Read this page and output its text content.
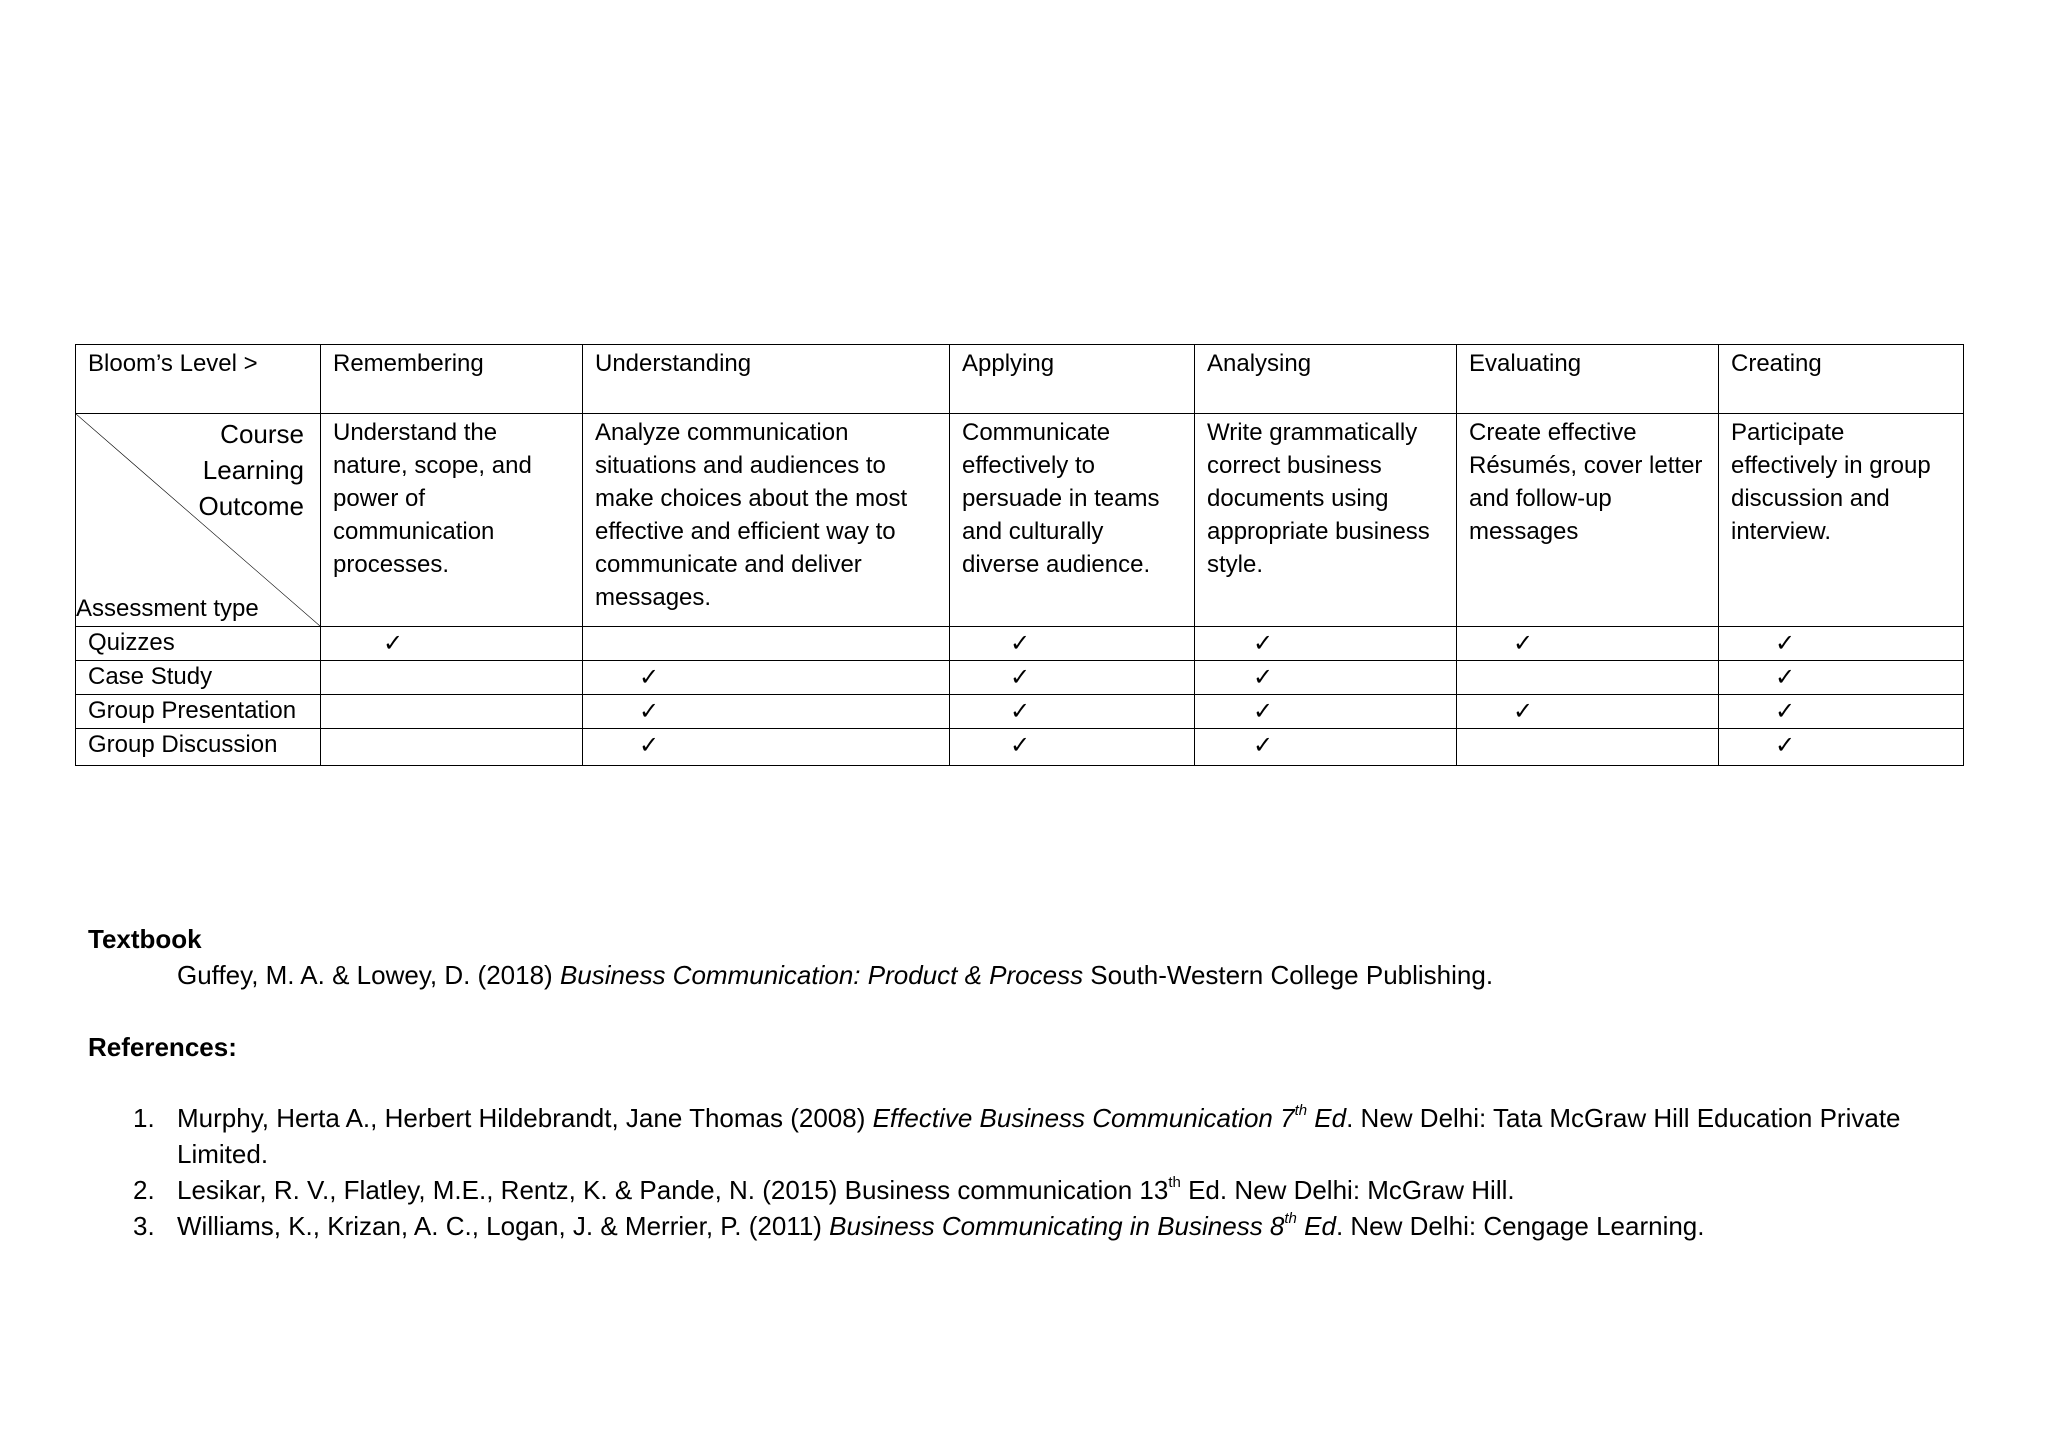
Bloom’s Level >	Remembering	Understanding	Applying	Analysing	Evaluating	Creating

Course
Learning
Outcome
Assessment type	Understand the nature, scope, and power of communication processes.	Analyze communication situations and audiences to make choices about the most effective and efficient way to communicate and deliver messages.	Communicate effectively to persuade in teams and culturally diverse audience.	Write grammatically correct business documents using appropriate business style.	Create effective Résumés, cover letter and follow-up messages	Participate effectively in group discussion and interview.
Quizzes	✓		✓	✓	✓	✓
Case Study		✓	✓	✓		✓
Group Presentation		✓	✓	✓	✓	✓
Group Discussion		✓	✓	✓		✓
Textbook
Guffey, M. A. & Lowey, D. (2018) Business Communication: Product & Process South-Western College Publishing.
References:
1. Murphy, Herta A., Herbert Hildebrandt, Jane Thomas (2008) Effective Business Communication 7th Ed. New Delhi: Tata McGraw Hill Education Private Limited.
2. Lesikar, R. V., Flatley, M.E., Rentz, K. & Pande, N. (2015) Business communication 13th Ed. New Delhi: McGraw Hill.
3. Williams, K., Krizan, A. C., Logan, J. & Merrier, P. (2011) Business Communicating in Business 8th Ed. New Delhi: Cengage Learning.
